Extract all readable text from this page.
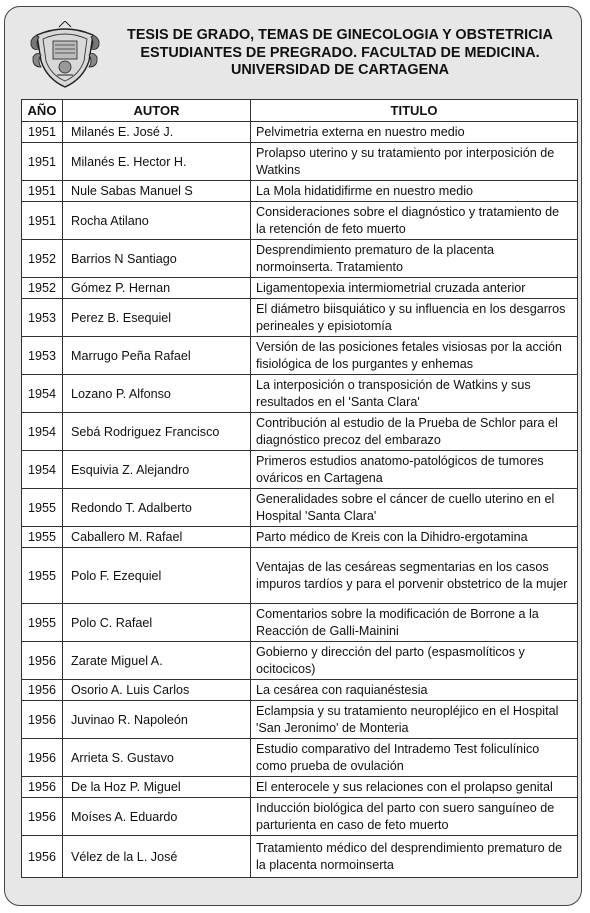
TESIS DE GRADO, TEMAS DE GINECOLOGIA Y OBSTETRICIA
ESTUDIANTES DE PREGRADO. FACULTAD DE MEDICINA.
UNIVERSIDAD DE CARTAGENA
AÑO	AUTOR	TITULO
1951	Milanés E. José J.	Pelvimetria externa en nuestro medio
1951	Milanés E. Hector H.	Prolapso uterino y su tratamiento por interposición de Watkins
1951	Nule Sabas Manuel S	La Mola hidatidifirme en nuestro medio
1951	Rocha Atilano	Consideraciones sobre el diagnóstico y tratamiento de la retención de feto muerto
1952	Barrios N Santiago	Desprendimiento prematuro de la placenta normoinserta. Tratamiento
1952	Gómez P. Hernan	Ligamentopexia intermiometrial cruzada anterior
1953	Perez B. Esequiel	El diámetro biisquiático y su influencia en los desgarros perineales y episiotomía
1953	Marrugo Peña Rafael	Versión de las posiciones fetales visiosas por la acción fisiológica de los purgantes y enhemas
1954	Lozano P. Alfonso	La interposición o transposición de Watkins y sus resultados en el 'Santa Clara'
1954	Sebá Rodriguez Francisco	Contribución al estudio de la Prueba de Schlor para el diagnóstico precoz del embarazo
1954	Esquivia Z. Alejandro	Primeros estudios anatomo-patológicos de tumores ováricos en Cartagena
1955	Redondo T. Adalberto	Generalidades sobre el cáncer de cuello uterino en el Hospital 'Santa Clara'
1955	Caballero M. Rafael	Parto médico de Kreis con la Dihidro-ergotamina
1955	Polo F. Ezequiel	Ventajas de las cesáreas segmentarias en los casos impuros tardíos y para el porvenir obstetrico de la mujer
1955	Polo C. Rafael	Comentarios sobre la modificación de Borrone a la Reacción de Galli-Mainini
1956	Zarate Miguel A.	Gobierno y dirección del parto (espasmolíticos y ocitocicos)
1956	Osorio A. Luis Carlos	La cesárea con raquianéstesia
1956	Juvinao R. Napoleón	Eclampsia y su tratamiento neuropléjico en el Hospital 'San Jeronimo' de Monteria
1956	Arrieta S. Gustavo	Estudio comparativo del Intrademo Test foliculínico como prueba de ovulación
1956	De la Hoz P. Miguel	El enterocele y sus relaciones con el prolapso genital
1956	Moíses A. Eduardo	Inducción biológica del parto con suero sanguíneo de parturienta en caso de feto muerto
1956	Vélez de la L. José	Tratamiento médico del desprendimiento prematuro de la placenta normoinserta
